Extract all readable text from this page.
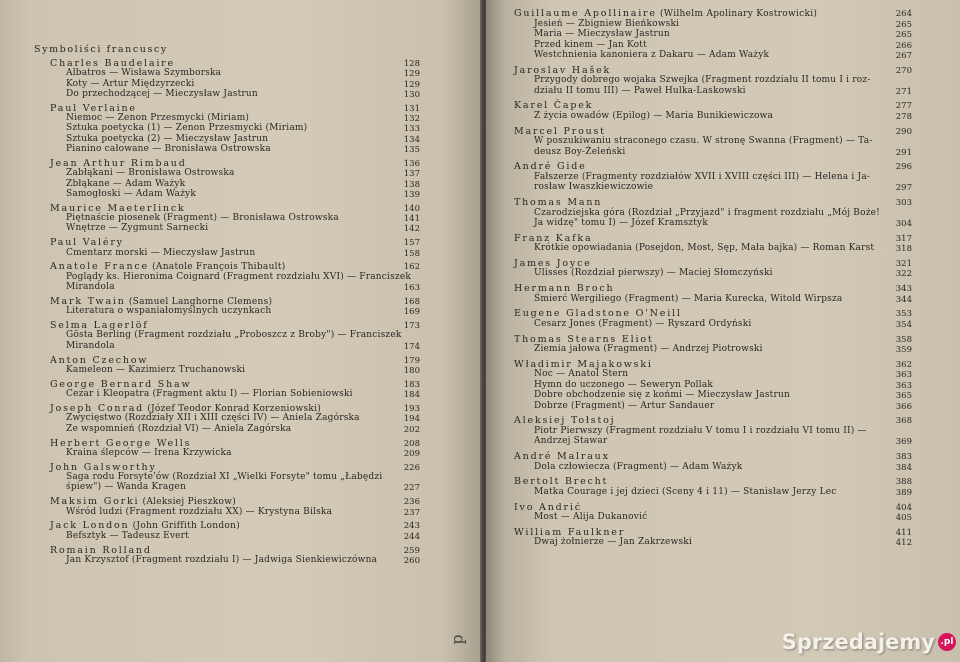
Symboliści francuscy
Charles Baudelaire	128
Albatros — Wisława Szymborska	129
Koty — Artur Międzyrzecki	129
Do przechodzącej — Mieczysław Jastrun	130
Paul Verlaine	131
Niemoc — Zenon Przesmycki (Miriam)	132
Sztuka poetycka (1) — Zenon Przesmycki (Miriam)	133
Sztuka poetycka (2) — Mieczysław Jastrun	134
Pianino całowane — Bronisława Ostrowska	135
Jean Arthur Rimbaud	136
Zabłąkani — Bronisława Ostrowska	137
Zbłąkane — Adam Ważyk	138
Samogłoski — Adam Ważyk	139
Maurice Maeterlinck	140
Piętnaście piosenek (Fragment) — Bronisława Ostrowska	141
Wnętrze — Zygmunt Sarnecki	142
Paul Valéry	157
Cmentarz morski — Mieczysław Jastrun	158
Anatole France (Anatole François Thibault)	162
Poglądy ks. Hieronima Coignard (Fragment rozdziału XVI) — Franciszek
Mirandola	163
Mark Twain (Samuel Langhorne Clemens)	168
Literatura o wspaniałomyślnych uczynkach	169
Selma Lagerlöf	173
Gösta Berling (Fragment rozdziału „Proboszcz z Broby") — Franciszek
Mirandola	174
Anton Czechow	179
Kameleon — Kazimierz Truchanowski	180
George Bernard Shaw	183
Cezar i Kleopatra (Fragment aktu I) — Florian Sobieniowski	184
Joseph Conrad (Józef Teodor Konrad Korzeniowski)	193
Zwycięstwo (Rozdziały XII i XIII części IV) — Aniela Zagórska	194
Ze wspomnień (Rozdział VI) — Aniela Zagórska	202
Herbert George Wells	208
Kraina ślepców — Irena Krzywicka	209
John Galsworthy	226
Saga rodu Forsyte'ów (Rozdział XI „Wielki Forsyte" tomu „Łabędzi
śpiew") — Wanda Kragen	227
Maksim Gorki (Aleksiej Pieszkow)	236
Wśród ludzi (Fragment rozdziału XX) — Krystyna Bilska	237
Jack London (John Griffith London)	243
Befsztyk — Tadeusz Evert	244
Romain Rolland	259
Jan Krzysztof (Fragment rozdziału I) — Jadwiga Sienkiewiczówna	260
p
Guillaume Apollinaire (Wilhelm Apolinary Kostrowicki)	264
Jesień — Zbigniew Bieńkowski	265
Maria — Mieczysław Jastrun	265
Przed kinem — Jan Kott	266
Westchnienia kanoniera z Dakaru — Adam Ważyk	267
Jaroslav Hašek	270
Przygody dobrego wojaka Szwejka (Fragment rozdziału II tomu I i roz-
działu II tomu III) — Paweł Hulka-Laskowski	271
Karel Čapek	277
Z życia owadów (Epilog) — Maria Bunikiewiczowa	278
Marcel Proust	290
W poszukiwaniu straconego czasu. W stronę Swanna (Fragment) — Ta-
deusz Boy-Żeleński	291
André Gide	296
Fałszerze (Fragmenty rozdziałów XVII i XVIII części III) — Helena i Ja-
rosław Iwaszkiewiczowie	297
Thomas Mann	303
Czarodziejska góra (Rozdział „Przyjazd" i fragment rozdziału „Mój Boże!
Ja widzę" tomu I) — Józef Kramsztyk	304
Franz Kafka	317
Krótkie opowiadania (Posejdon, Most, Sęp, Mała bajka) — Roman Karst	318
James Joyce	321
Ulisses (Rozdział pierwszy) — Maciej Słomczyński	322
Hermann Broch	343
Śmierć Wergiliego (Fragment) — Maria Kurecka, Witold Wirpsza	344
Eugene Gladstone O'Neill	353
Cesarz Jones (Fragment) — Ryszard Ordyński	354
Thomas Stearns Eliot	358
Ziemia jałowa (Fragment) — Andrzej Piotrowski	359
Władimir Majakowski	362
Noc — Anatol Stern	363
Hymn do uczonego — Seweryn Pollak	363
Dobre obchodzenie się z końmi — Mieczysław Jastrun	365
Dobrze (Fragment) — Artur Sandauer	366
Aleksiej Tołstoj	368
Piotr Pierwszy (Fragment rozdziału V tomu I i rozdziału VI tomu II) —
Andrzej Stawar	369
André Malraux	383
Dola człowiecza (Fragment) — Adam Ważyk	384
Bertolt Brecht	388
Matka Courage i jej dzieci (Sceny 4 i 11) — Stanisław Jerzy Lec	389
Ivo Andrić	404
Most — Alija Dukanović	405
William Faulkner	411
Dwaj żołnierze — Jan Zakrzewski	412
Sprzedajemy .pl
